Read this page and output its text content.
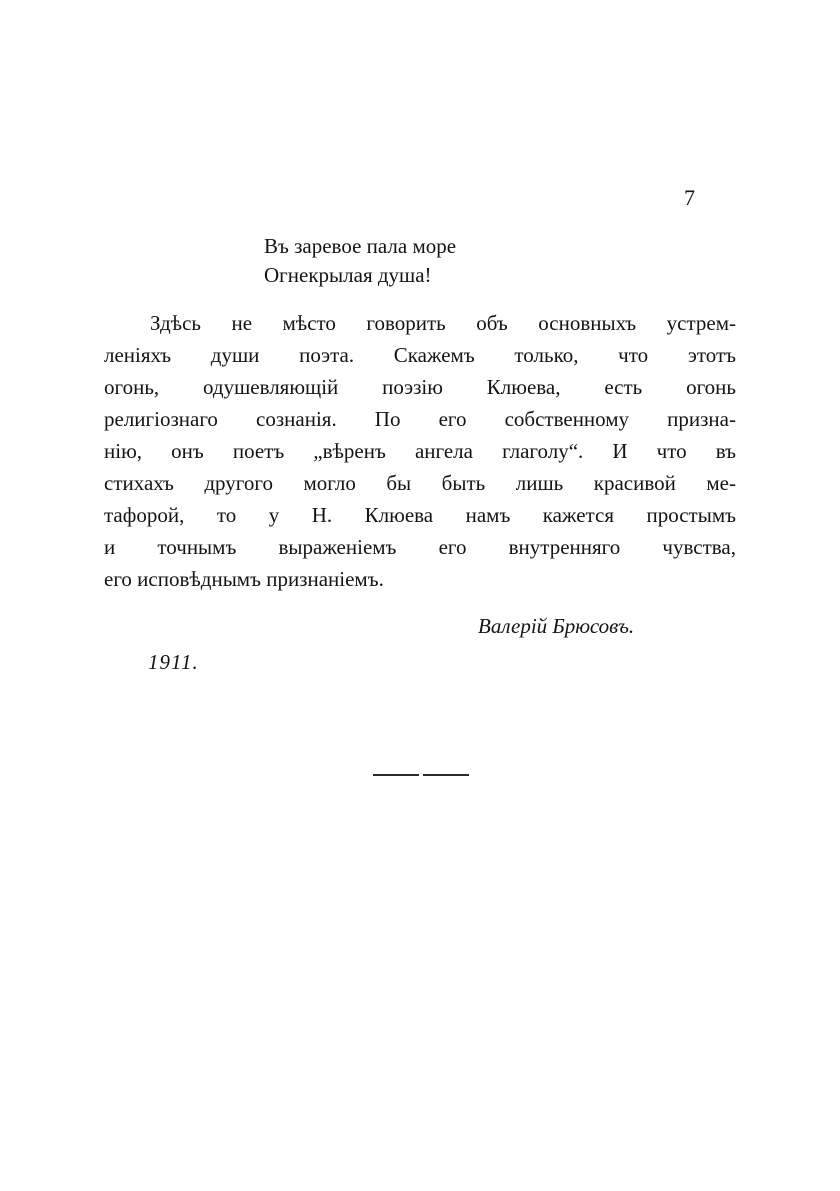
7

Въ заревое пала море
Огнекрылая душа!
Здѣсь не мѣсто говорить объ основныхъ устрем-
леніяхъ души поэта. Скажемъ только, что этотъ
огонь, одушевляющій поэзію Клюева, есть огонь
религіознаго сознанія. По его собственному призна-
нію, онъ поетъ „вѣренъ ангела глаголу“. И что въ
стихахъ другого могло бы быть лишь красивой ме-
тафорой, то у Н. Клюева намъ кажется простымъ
и точнымъ выраженіемъ его внутренняго чувства,
его исповѣднымъ признаніемъ.
Валерій Брюсовъ.
1911.
